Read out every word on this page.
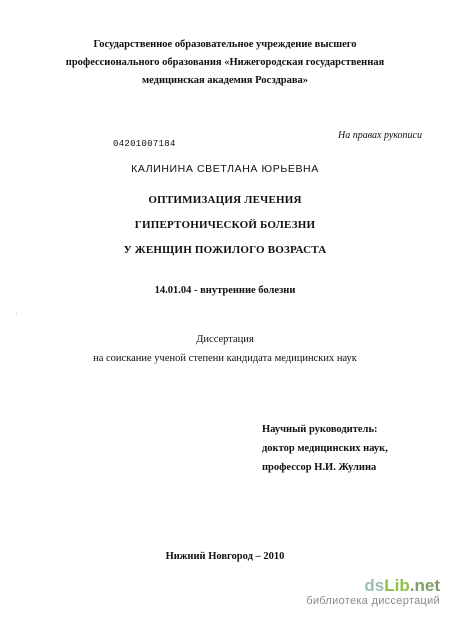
Государственное образовательное учреждение высшего
профессионального образования «Нижегородская государственная
медицинская академия Росздрава»
На правах рукописи
04201007184
КАЛИНИНА СВЕТЛАНА ЮРЬЕВНА
ОПТИМИЗАЦИЯ ЛЕЧЕНИЯ
ГИПЕРТОНИЧЕСКОЙ БОЛЕЗНИ
У ЖЕНЩИН ПОЖИЛОГО ВОЗРАСТА
14.01.04 - внутренние болезни
Диссертация
на соискание ученой степени кандидата медицинских наук
Научный руководитель:
доктор медицинских наук,
профессор Н.И. Жулина
Нижний Новгород – 2010
dsLib.net
библиотека диссертаций
